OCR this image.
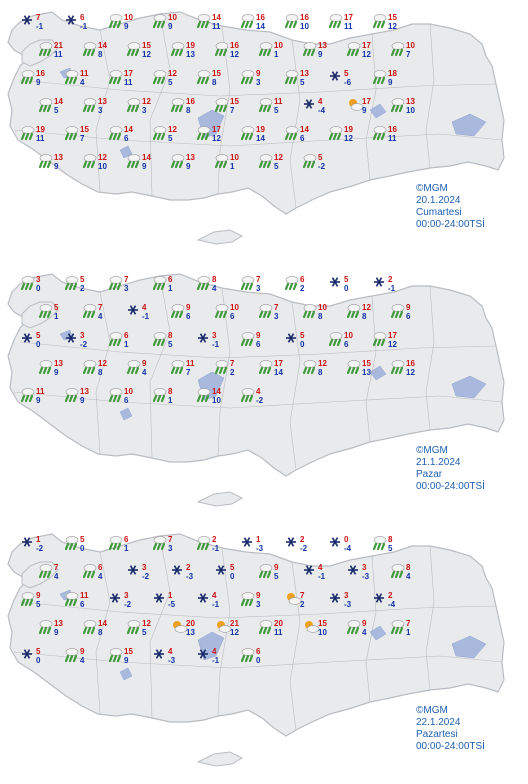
7
-1
6
-1
10
9
10
9
14
11
16
14
16
10
17
11
15
12
21
11
14
8
15
12
19
13
16
12
10
1
13
9
17
12
10
7
16
9
11
4
17
11
12
5
15
8
9
3
13
5
5
-6
18
9
14
5
13
3
12
3
16
8
15
7
11
5
4
-4
17
9
13
10
19
11
15
7
14
6
12
5
17
12
19
14
14
6
19
12
16
11
13
9
12
10
14
9
13
9
10
1
12
5
5
-2
©MGM
20.1.2024
Cumartesi
00:00-24:00TSİ
3
0
5
2
7
3
6
1
8
4
7
3
6
2
5
0
2
-1
5
1
7
4
4
-1
9
6
10
6
7
3
10
8
12
8
9
6
5
0
3
-2
6
1
8
5
3
-1
9
6
5
0
10
6
17
12
13
9
12
8
9
4
11
7
7
2
17
14
12
8
15
13
16
12
11
9
13
9
10
6
8
1
14
10
4
-2
©MGM
21.1.2024
Pazar
00:00-24:00TSİ
1
-2
5
0
6
1
7
3
2
-1
1
-3
2
-2
0
-4
8
5
7
4
6
4
3
-2
2
-3
5
0
9
5
4
-1
3
-3
8
4
9
5
11
6
3
-2
1
-5
4
-1
9
3
7
2
3
-3
2
-4
13
9
14
8
12
5
20
13
21
12
20
11
15
10
9
4
7
1
5
0
9
4
15
9
4
-3
4
-1
6
0
©MGM
22.1.2024
Pazartesi
00:00-24:00TSİ
